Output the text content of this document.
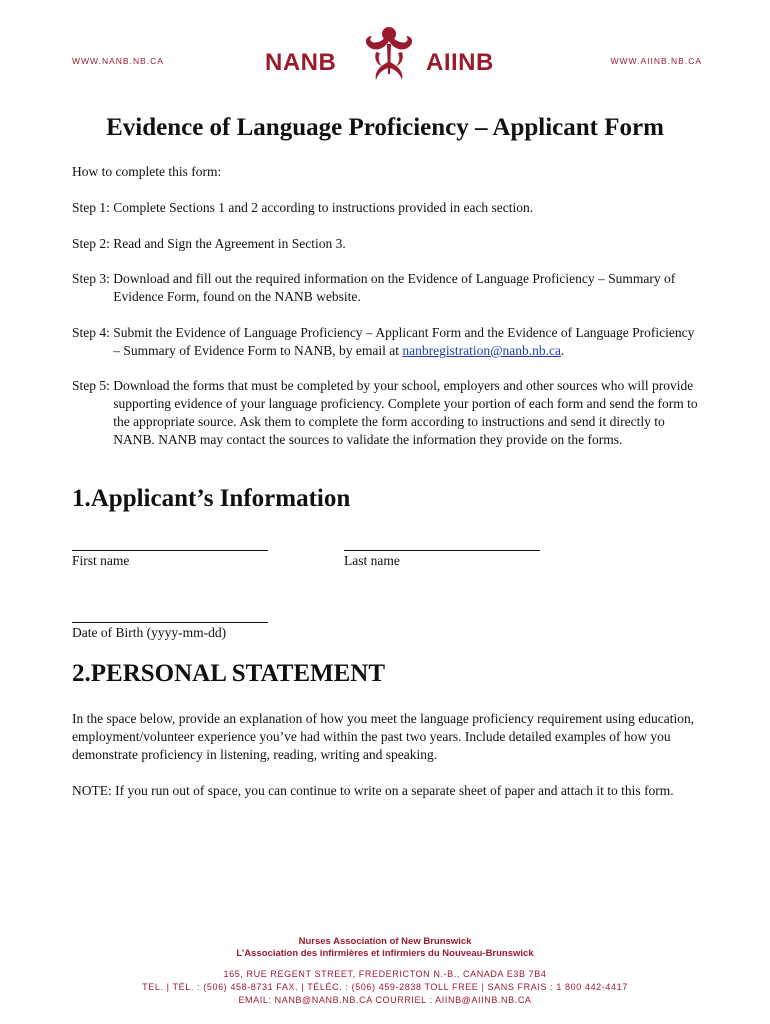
WWW.NANB.NB.CA	WWW.AIINB.NB.CA
NANB	AIINB
Evidence of Language Proficiency – Applicant Form

How to complete this form:

Step 1: Complete Sections 1 and 2 according to instructions provided in each section.
Step 2: Read and Sign the Agreement in Section 3.
Step 3: Download and fill out the required information on the Evidence of Language Proficiency – Summary of Evidence Form, found on the NANB website.
Step 4: Submit the Evidence of Language Proficiency – Applicant Form and the Evidence of Language Proficiency – Summary of Evidence Form to NANB, by email at nanbregistration@nanb.nb.ca.
Step 5: Download the forms that must be completed by your school, employers and other sources who will provide supporting evidence of your language proficiency. Complete your portion of each form and send the form to the appropriate source. Ask them to complete the form according to instructions and send it directly to NANB. NANB may contact the sources to validate the information they provide on the forms.
1.Applicant’s Information
First name	Last name
Date of Birth (yyyy-mm-dd)
2.PERSONAL STATEMENT

In the space below, provide an explanation of how you meet the language proficiency requirement using education, employment/volunteer experience you’ve had within the past two years. Include detailed examples of how you demonstrate proficiency in listening, reading, writing and speaking.

NOTE: If you run out of space, you can continue to write on a separate sheet of paper and attach it to this form.

Nurses Association of New Brunswick
L’Association des infirmières et infirmiers du Nouveau-Brunswick
165, RUE REGENT STREET, FREDERICTON N.-B., CANADA E3B 7B4
TEL. | TÉL. : (506) 458-8731 FAX. | TÉLÉC. : (506) 459-2838 TOLL FREE | SANS FRAIS : 1 800 442-4417
EMAIL: NANB@NANB.NB.CA COURRIEL : AIINB@AIINB.NB.CA
